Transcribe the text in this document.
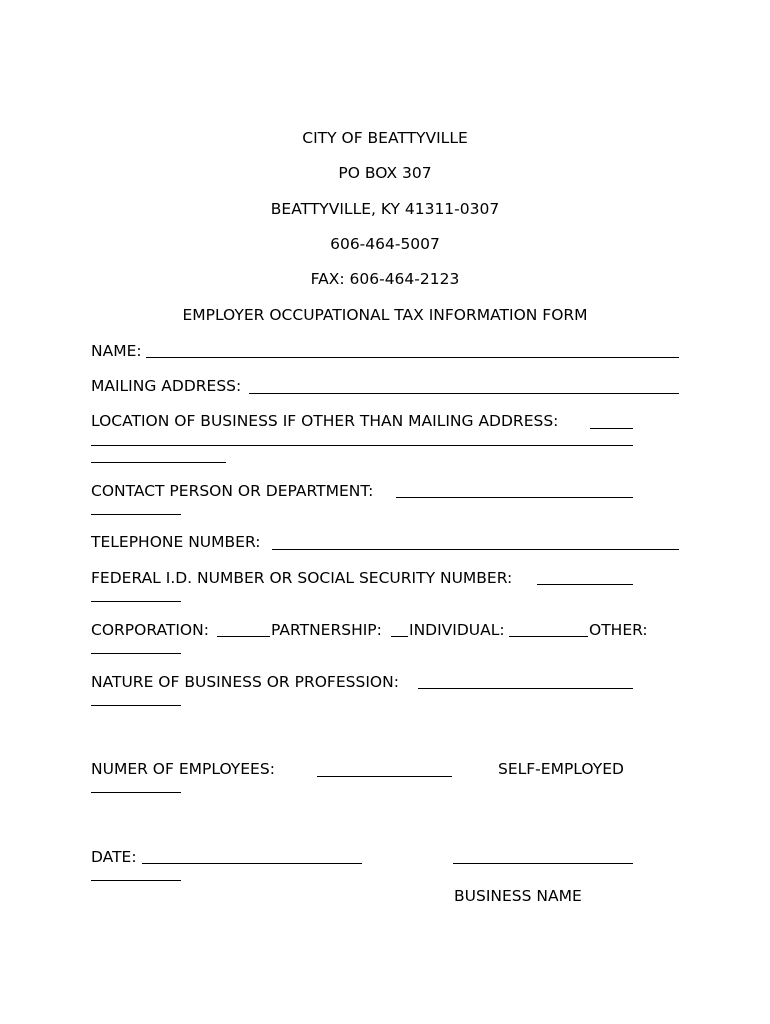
CITY OF BEATTYVILLE
PO BOX 307
BEATTYVILLE, KY 41311-0307
606-464-5007
FAX: 606-464-2123
EMPLOYER OCCUPATIONAL TAX INFORMATION FORM
NAME:
MAILING ADDRESS:
LOCATION OF BUSINESS IF OTHER THAN MAILING ADDRESS:
CONTACT PERSON OR DEPARTMENT:
TELEPHONE NUMBER:
FEDERAL I.D. NUMBER OR SOCIAL SECURITY NUMBER:
CORPORATION:	PARTNERSHIP: INDIVIDUAL:	OTHER:
NATURE OF BUSINESS OR PROFESSION:
NUMER OF EMPLOYEES:	SELF-EMPLOYED
DATE:
BUSINESS NAME
